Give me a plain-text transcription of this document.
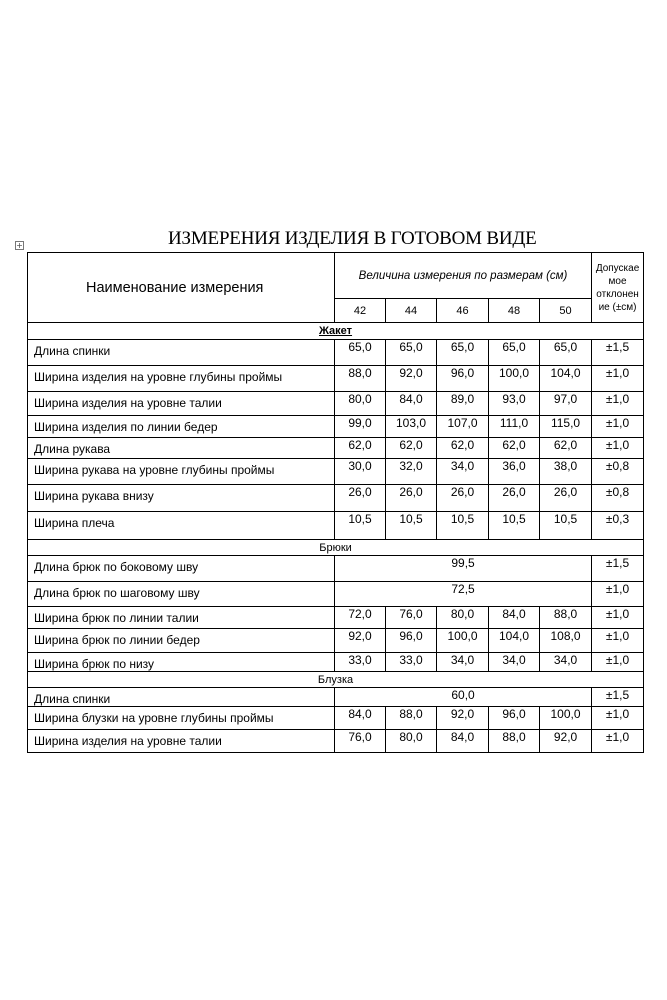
+	ИЗМЕРЕНИЯ ИЗДЕЛИЯ В ГОТОВОМ ВИДЕ
Наименование измерения	Величина измерения по размерам (см)					Допускае мое отклонен ие (±см)
	42	44	46	48	50	
Жакет						
Длина спинки	65,0	65,0	65,0	65,0	65,0	±1,5
Ширина изделия на уровне глубины проймы	88,0	92,0	96,0	100,0	104,0	±1,0
Ширина изделия на уровне талии	80,0	84,0	89,0	93,0	97,0	±1,0
Ширина изделия по линии бедер	99,0	103,0	107,0	111,0	115,0	±1,0
Длина рукава	62,0	62,0	62,0	62,0	62,0	±1,0
Ширина рукава на уровне глубины проймы	30,0	32,0	34,0	36,0	38,0	±0,8
Ширина рукава внизу	26,0	26,0	26,0	26,0	26,0	±0,8
Ширина плеча	10,5	10,5	10,5	10,5	10,5	±0,3
Брюки						
Длина брюк по боковому шву	99,5					±1,5
Длина брюк по шаговому шву	72,5					±1,0
Ширина брюк по линии талии	72,0	76,0	80,0	84,0	88,0	±1,0
Ширина брюк по линии бедер	92,0	96,0	100,0	104,0	108,0	±1,0
Ширина брюк по низу	33,0	33,0	34,0	34,0	34,0	±1,0
Блузка						
Длина спинки	60,0					±1,5
Ширина блузки на уровне глубины проймы	84,0	88,0	92,0	96,0	100,0	±1,0
Ширина изделия на уровне талии	76,0	80,0	84,0	88,0	92,0	±1,0
